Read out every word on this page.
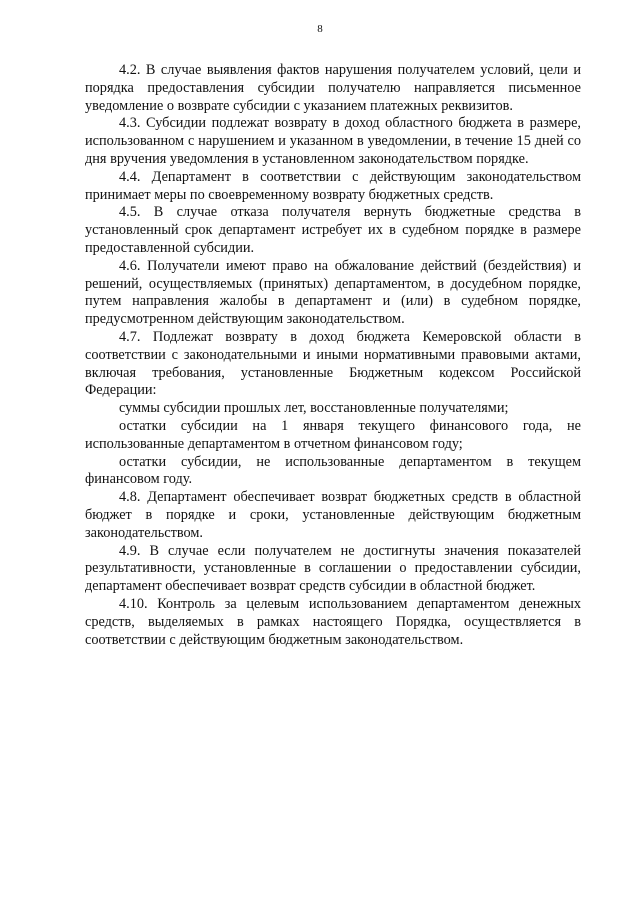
8

4.2. В случае выявления фактов нарушения получателем условий, цели и порядка предоставления субсидии получателю направляется письменное уведомление о возврате субсидии с указанием платежных реквизитов.

4.3. Субсидии подлежат возврату в доход областного бюджета в размере, использованном с нарушением и указанном в уведомлении, в течение 15 дней со дня вручения уведомления в установленном законодательством порядке.

4.4. Департамент в соответствии с действующим законодательством принимает меры по своевременному возврату бюджетных средств.

4.5. В случае отказа получателя вернуть бюджетные средства в установленный срок департамент истребует их в судебном порядке в размере предоставленной субсидии.

4.6. Получатели имеют право на обжалование действий (бездействия) и решений, осуществляемых (принятых) департаментом, в досудебном порядке, путем направления жалобы в департамент и (или) в судебном порядке, предусмотренном действующим законодательством.

4.7. Подлежат возврату в доход бюджета Кемеровской области в соответствии с законодательными и иными нормативными правовыми актами, включая требования, установленные Бюджетным кодексом Российской Федерации:

суммы субсидии прошлых лет, восстановленные получателями;

остатки субсидии на 1 января текущего финансового года, не использованные департаментом в отчетном финансовом году;

остатки субсидии, не использованные департаментом в текущем финансовом году.

4.8. Департамент обеспечивает возврат бюджетных средств в областной бюджет в порядке и сроки, установленные действующим бюджетным законодательством.

4.9. В случае если получателем не достигнуты значения показателей результативности, установленные в соглашении о предоставлении субсидии, департамент обеспечивает возврат средств субсидии в областной бюджет.

4.10. Контроль за целевым использованием департаментом денежных средств, выделяемых в рамках настоящего Порядка, осуществляется в соответствии с действующим бюджетным законодательством.
